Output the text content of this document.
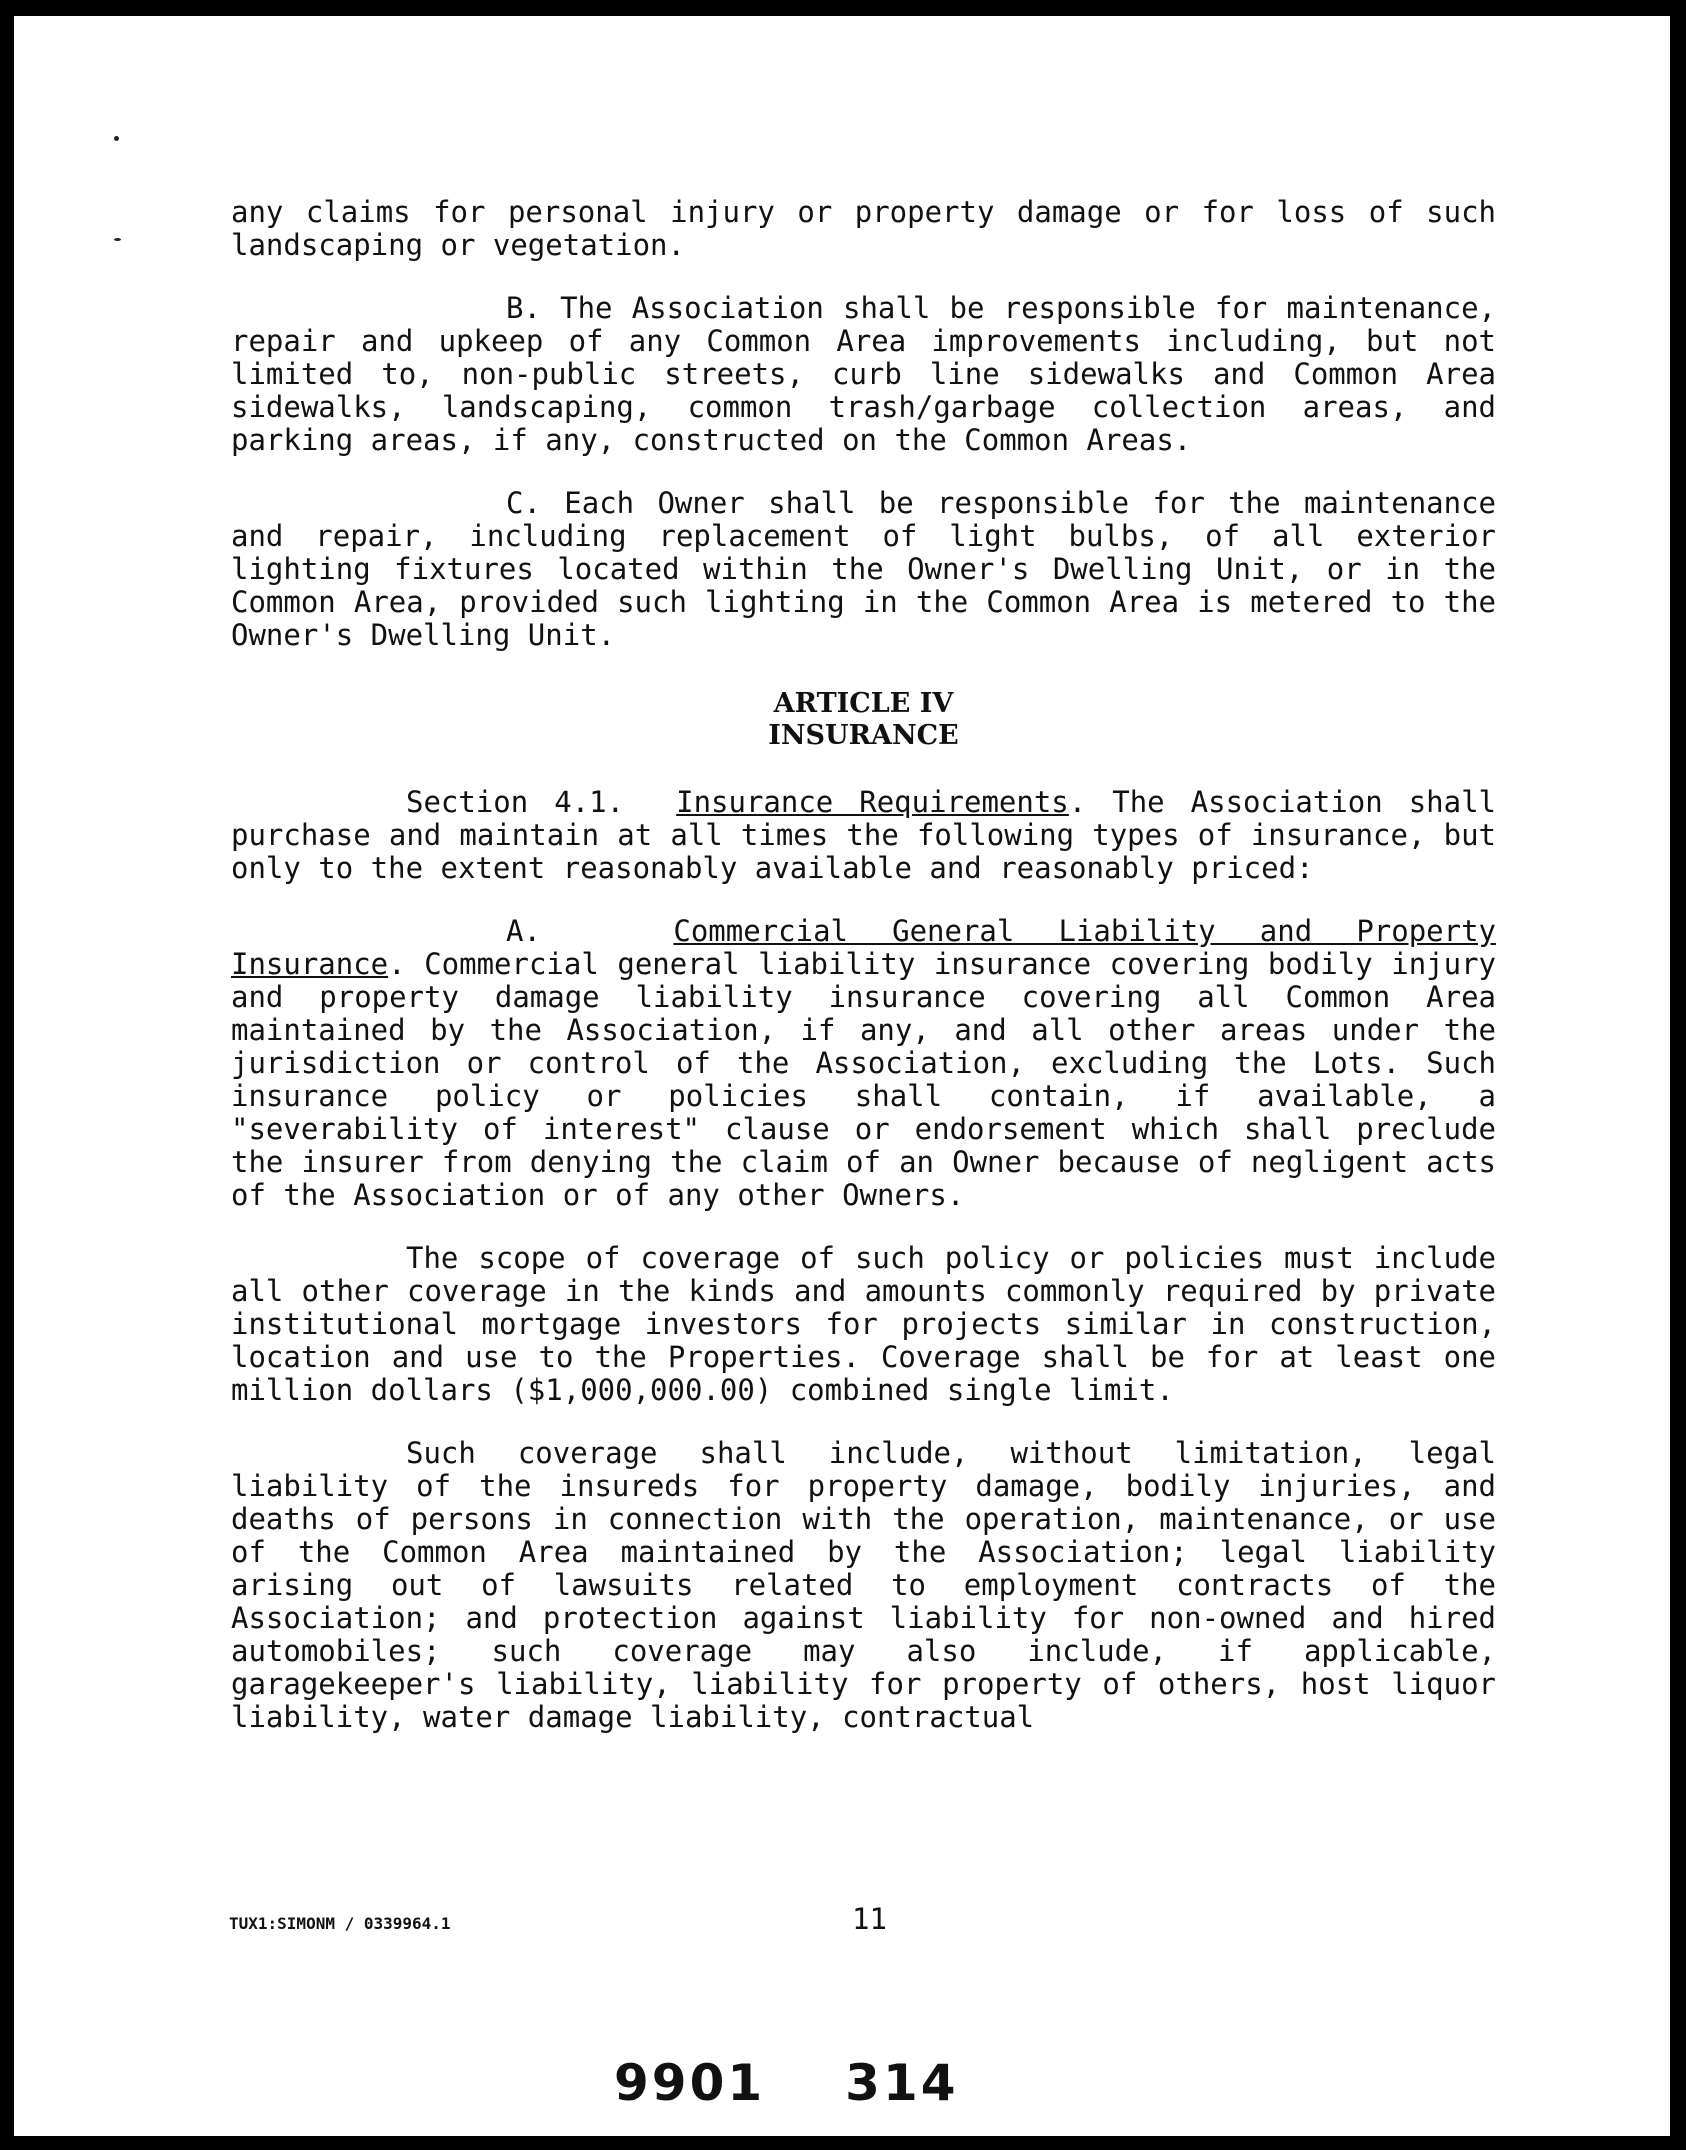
any claims for personal injury or property damage or for loss of such landscaping or vegetation.

B. The Association shall be responsible for maintenance, repair and upkeep of any Common Area improvements including, but not limited to, non-public streets, curb line sidewalks and Common Area sidewalks, landscaping, common trash/garbage collection areas, and parking areas, if any, constructed on the Common Areas.

C. Each Owner shall be responsible for the maintenance and repair, including replacement of light bulbs, of all exterior lighting fixtures located within the Owner's Dwelling Unit, or in the Common Area, provided such lighting in the Common Area is metered to the Owner's Dwelling Unit.

ARTICLE IV
INSURANCE

Section 4.1. Insurance Requirements. The Association shall purchase and maintain at all times the following types of insurance, but only to the extent reasonably available and reasonably priced:

A.	Commercial General Liability and Property Insurance. Commercial general liability insurance covering bodily injury and property damage liability insurance covering all Common Area maintained by the Association, if any, and all other areas under the jurisdiction or control of the Association, excluding the Lots. Such insurance policy or policies shall contain, if available, a "severability of interest" clause or endorsement which shall preclude the insurer from denying the claim of an Owner because of negligent acts of the Association or of any other Owners.

The scope of coverage of such policy or policies must include all other coverage in the kinds and amounts commonly required by private institutional mortgage investors for projects similar in construction, location and use to the Properties. Coverage shall be for at least one million dollars ($1,000,000.00) combined single limit.

Such coverage shall include, without limitation, legal liability of the insureds for property damage, bodily injuries, and deaths of persons in connection with the operation, maintenance, or use of the Common Area maintained by the Association; legal liability arising out of lawsuits related to employment contracts of the Association; and protection against liability for non-owned and hired automobiles; such coverage may also include, if applicable, garagekeeper's liability, liability for property of others, host liquor liability, water damage liability, contractual

TUX1:SIMONM / 0339964.1	11
9901 314
